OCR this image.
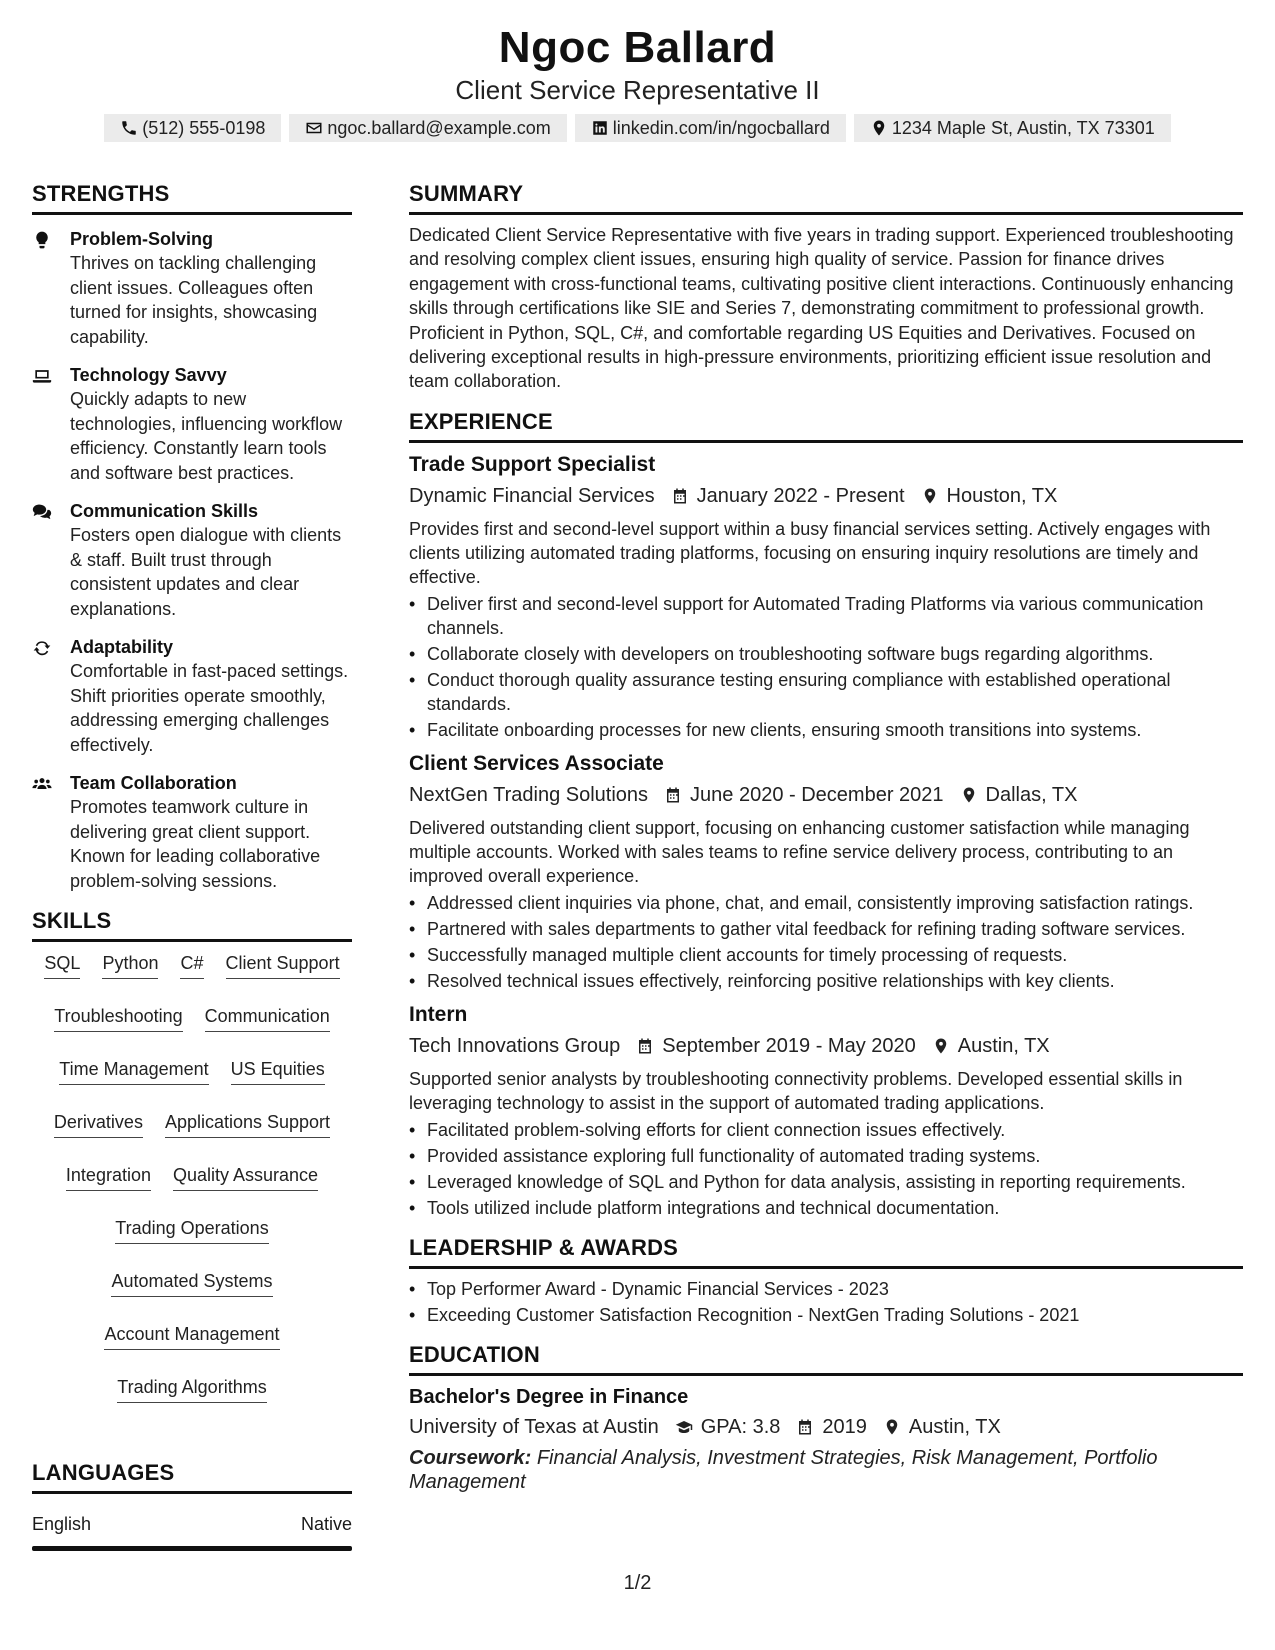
Ngoc Ballard
Client Service Representative II
(512) 555-0198	ngoc.ballard@example.com	linkedin.com/in/ngocballard	1234 Maple St, Austin, TX 73301
STRENGTHS
Problem-Solving
Thrives on tackling challenging client issues. Colleagues often turned for insights, showcasing capability.
Technology Savvy
Quickly adapts to new technologies, influencing workflow efficiency. Constantly learn tools and software best practices.
Communication Skills
Fosters open dialogue with clients & staff. Built trust through consistent updates and clear explanations.
Adaptability
Comfortable in fast-paced settings. Shift priorities operate smoothly, addressing emerging challenges effectively.
Team Collaboration
Promotes teamwork culture in delivering great client support. Known for leading collaborative problem-solving sessions.
SKILLS
SQL Python C# Client Support
Troubleshooting Communication
Time Management US Equities
Derivatives Applications Support
Integration Quality Assurance
Trading Operations
Automated Systems
Account Management
Trading Algorithms
LANGUAGES
English	Native
SUMMARY
Dedicated Client Service Representative with five years in trading support. Experienced troubleshooting and resolving complex client issues, ensuring high quality of service. Passion for finance drives engagement with cross-functional teams, cultivating positive client interactions. Continuously enhancing skills through certifications like SIE and Series 7, demonstrating commitment to professional growth. Proficient in Python, SQL, C#, and comfortable regarding US Equities and Derivatives. Focused on delivering exceptional results in high-pressure environments, prioritizing efficient issue resolution and team collaboration.
EXPERIENCE
Trade Support Specialist
Dynamic Financial Services January 2022 - Present Houston, TX
Provides first and second-level support within a busy financial services setting. Actively engages with clients utilizing automated trading platforms, focusing on ensuring inquiry resolutions are timely and effective.
• Deliver first and second-level support for Automated Trading Platforms via various communication channels.
• Collaborate closely with developers on troubleshooting software bugs regarding algorithms.
• Conduct thorough quality assurance testing ensuring compliance with established operational standards.
• Facilitate onboarding processes for new clients, ensuring smooth transitions into systems.
Client Services Associate
NextGen Trading Solutions June 2020 - December 2021 Dallas, TX
Delivered outstanding client support, focusing on enhancing customer satisfaction while managing multiple accounts. Worked with sales teams to refine service delivery process, contributing to an improved overall experience.
• Addressed client inquiries via phone, chat, and email, consistently improving satisfaction ratings.
• Partnered with sales departments to gather vital feedback for refining trading software services.
• Successfully managed multiple client accounts for timely processing of requests.
• Resolved technical issues effectively, reinforcing positive relationships with key clients.
Intern
Tech Innovations Group September 2019 - May 2020 Austin, TX
Supported senior analysts by troubleshooting connectivity problems. Developed essential skills in leveraging technology to assist in the support of automated trading applications.
• Facilitated problem-solving efforts for client connection issues effectively.
• Provided assistance exploring full functionality of automated trading systems.
• Leveraged knowledge of SQL and Python for data analysis, assisting in reporting requirements.
• Tools utilized include platform integrations and technical documentation.
LEADERSHIP & AWARDS
• Top Performer Award - Dynamic Financial Services - 2023
• Exceeding Customer Satisfaction Recognition - NextGen Trading Solutions - 2021
EDUCATION
Bachelor's Degree in Finance
University of Texas at Austin GPA: 3.8 2019 Austin, TX
Coursework: Financial Analysis, Investment Strategies, Risk Management, Portfolio Management
1/2
